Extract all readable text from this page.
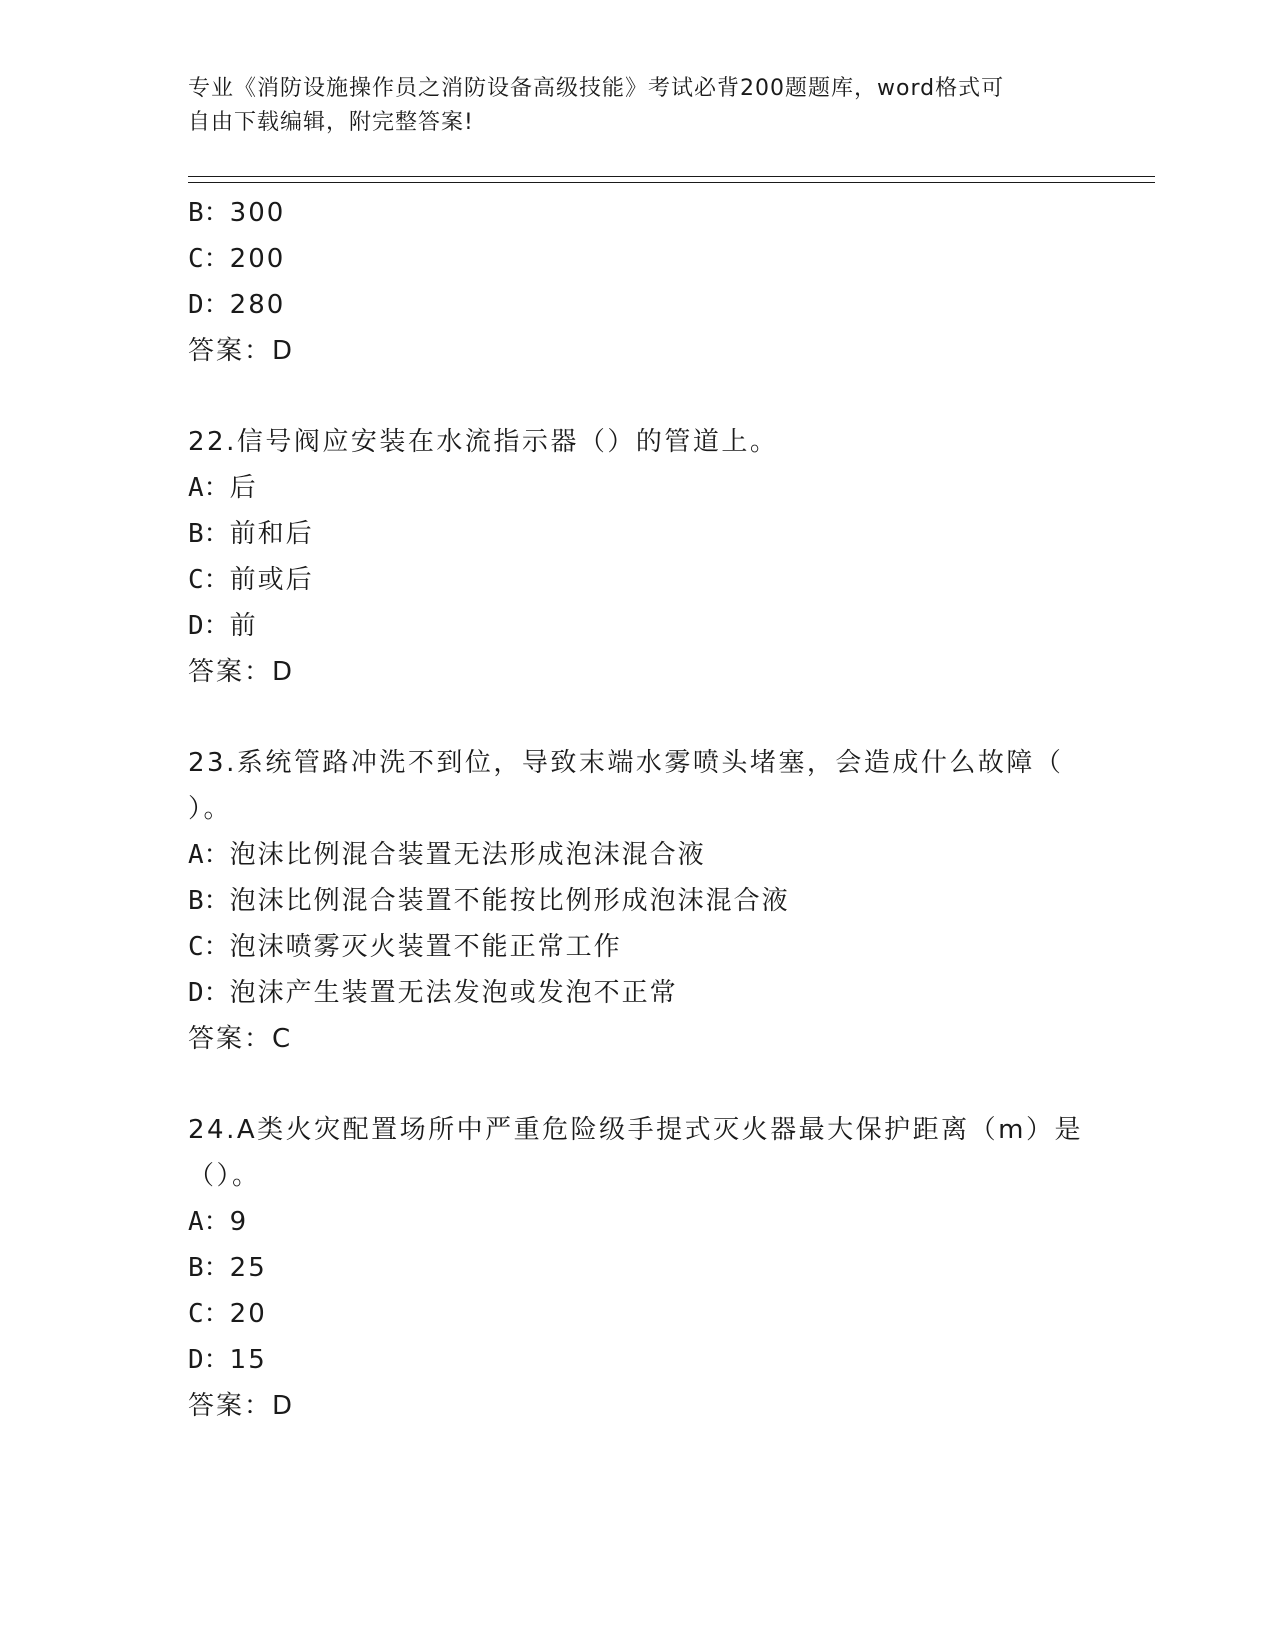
专业《消防设施操作员之消防设备高级技能》考试必背200题题库，word格式可
自由下载编辑，附完整答案!
B：300
C：200
D：280
答案：D
22.信号阀应安装在水流指示器（）的管道上。
A：后
B：前和后
C：前或后
D：前
答案：D
23.系统管路冲洗不到位，导致末端水雾喷头堵塞，会造成什么故障（
）。
A：泡沫比例混合装置无法形成泡沫混合液
B：泡沫比例混合装置不能按比例形成泡沫混合液
C：泡沫喷雾灭火装置不能正常工作
D：泡沫产生装置无法发泡或发泡不正常
答案：C
24.A类火灾配置场所中严重危险级手提式灭火器最大保护距离（m）是
（）。
A：9
B：25
C：20
D：15
答案：D
